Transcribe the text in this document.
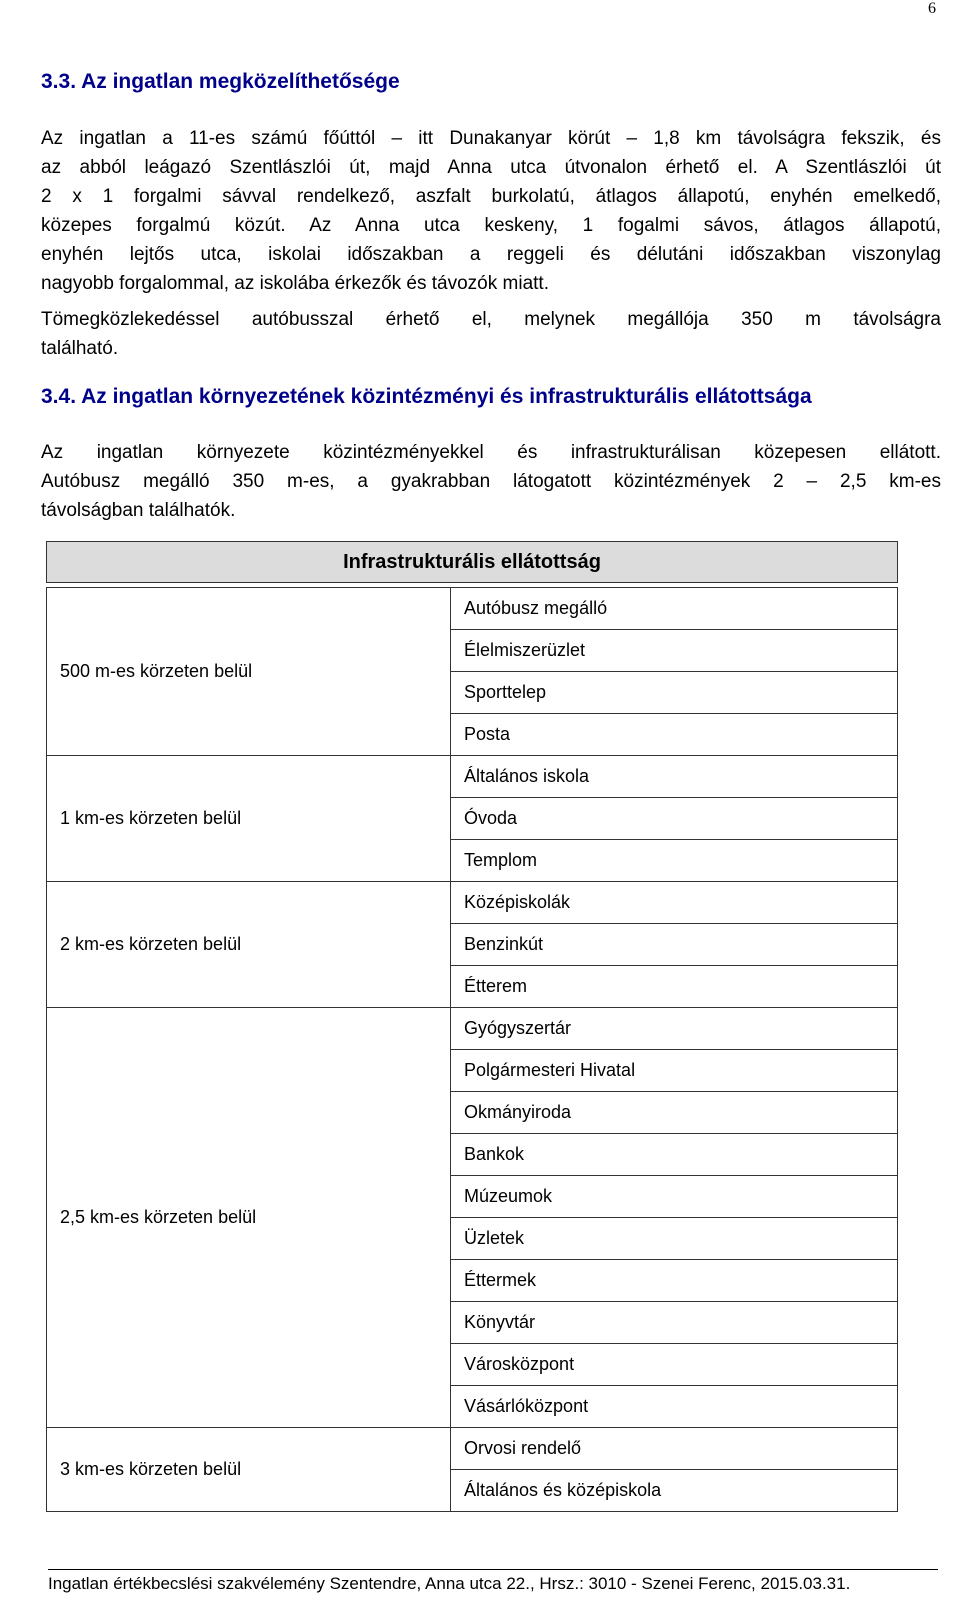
6
3.3. Az ingatlan megközelíthetősége
Az ingatlan a 11-es számú főúttól – itt Dunakanyar körút – 1,8 km távolságra fekszik, és
az abból leágazó Szentlászlói út, majd Anna utca útvonalon érhető el. A Szentlászlói út
2 x 1 forgalmi sávval rendelkező, aszfalt burkolatú, átlagos állapotú, enyhén emelkedő,
közepes forgalmú közút. Az Anna utca keskeny, 1 fogalmi sávos, átlagos állapotú,
enyhén lejtős utca, iskolai időszakban a reggeli és délutáni időszakban viszonylag
nagyobb forgalommal, az iskolába érkezők és távozók miatt.
Tömegközlekedéssel autóbusszal érhető el, melynek megállója 350 m távolságra
található.
3.4. Az ingatlan környezetének közintézményi és infrastrukturális ellátottsága
Az ingatlan környezete közintézményekkel és infrastrukturálisan közepesen ellátott.
Autóbusz megálló 350 m-es, a gyakrabban látogatott közintézmények 2 – 2,5 km-es
távolságban találhatók.
Infrastrukturális ellátottság	

500 m-es körzeten belül	Autóbusz megálló
	Élelmiszerüzlet
	Sporttelep
	Posta
1 km-es körzeten belül	Általános iskola
	Óvoda
	Templom
2 km-es körzeten belül	Középiskolák
	Benzinkút
	Étterem
2,5 km-es körzeten belül	Gyógyszertár
	Polgármesteri Hivatal
	Okmányiroda
	Bankok
	Múzeumok
	Üzletek
	Éttermek
	Könyvtár
	Városközpont
	Vásárlóközpont
3 km-es körzeten belül	Orvosi rendelő
	Általános és középiskola
Ingatlan értékbecslési szakvélemény Szentendre, Anna utca 22., Hrsz.: 3010 - Szenei Ferenc, 2015.03.31.
